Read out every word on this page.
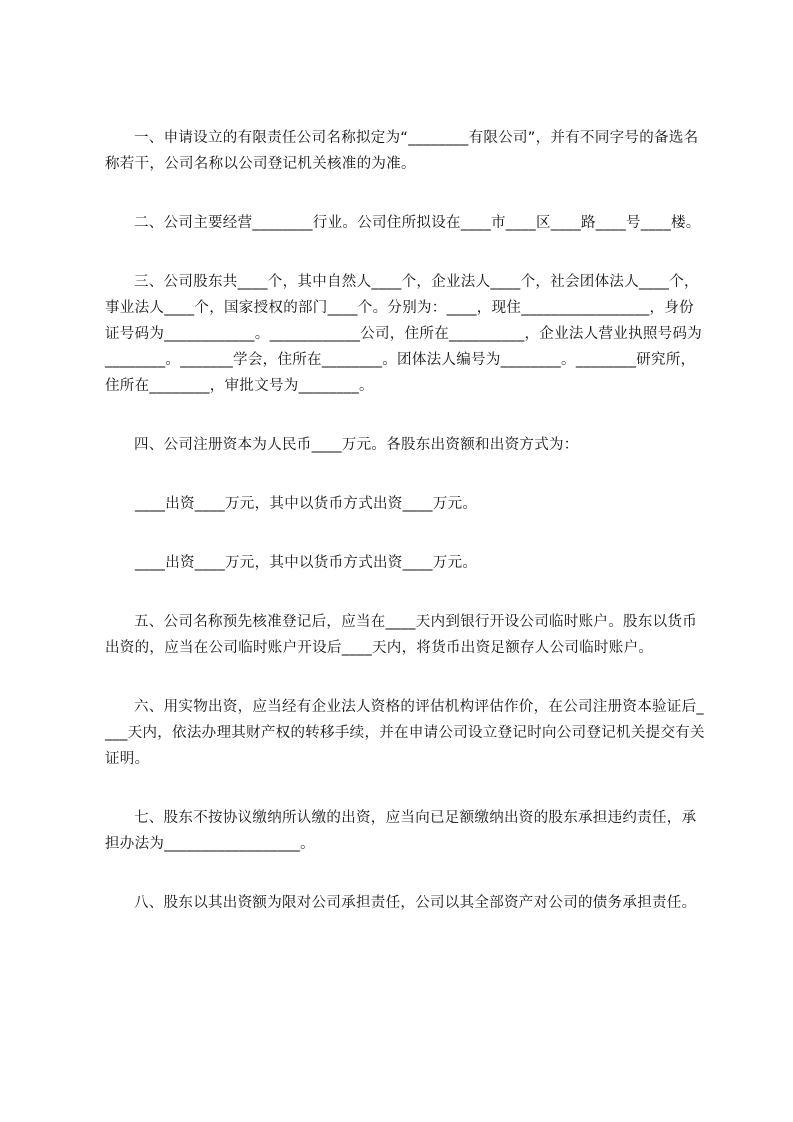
一、申请设立的有限责任公司名称拟定为“________有限公司”，并有不同字号的备选名称若干，公司名称以公司登记机关核准的为准。

二、公司主要经营________行业。公司住所拟设在____市____区____路____号____楼。

三、公司股东共____个，其中自然人____个，企业法人____个，社会团体法人____个，事业法人____个，国家授权的部门____个。分别为：____，现住_________________，身份证号码为____________。____________公司，住所在__________，企业法人营业执照号码为________。_______学会，住所在________。团体法人编号为________。________研究所，住所在________，审批文号为________。

四、公司注册资本为人民币____万元。各股东出资额和出资方式为：

____出资____万元，其中以货币方式出资____万元。

____出资____万元，其中以货币方式出资____万元。

五、公司名称预先核准登记后，应当在____天内到银行开设公司临时账户。股东以货币出资的，应当在公司临时账户开设后____天内，将货币出资足额存人公司临时账户。

六、用实物出资，应当经有企业法人资格的评估机构评估作价，在公司注册资本验证后____天内，依法办理其财产权的转移手续，并在申请公司设立登记时向公司登记机关提交有关证明。

七、股东不按协议缴纳所认缴的出资，应当向已足额缴纳出资的股东承担违约责任，承担办法为__________________。

八、股东以其出资额为限对公司承担责任，公司以其全部资产对公司的债务承担责任。
